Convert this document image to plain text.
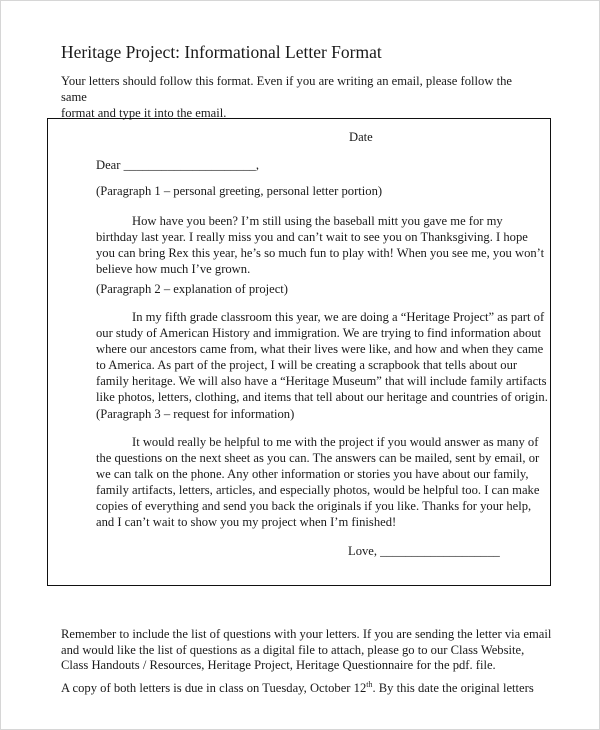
Heritage Project: Informational Letter Format
Your letters should follow this format. Even if you are writing an email, please follow the same
format and type it into the email.
Date
Dear _____________________,
(Paragraph 1 – personal greeting, personal letter portion)
How have you been? I’m still using the baseball mitt you gave me for my
birthday last year. I really miss you and can’t wait to see you on Thanksgiving. I hope
you can bring Rex this year, he’s so much fun to play with! When you see me, you won’t
believe how much I’ve grown.
(Paragraph 2 – explanation of project)
In my fifth grade classroom this year, we are doing a “Heritage Project” as part of
our study of American History and immigration. We are trying to find information about
where our ancestors came from, what their lives were like, and how and when they came
to America. As part of the project, I will be creating a scrapbook that tells about our
family heritage. We will also have a “Heritage Museum” that will include family artifacts
like photos, letters, clothing, and items that tell about our heritage and countries of origin.
(Paragraph 3 – request for information)
It would really be helpful to me with the project if you would answer as many of
the questions on the next sheet as you can. The answers can be mailed, sent by email, or
we can talk on the phone. Any other information or stories you have about our family,
family artifacts, letters, articles, and especially photos, would be helpful too. I can make
copies of everything and send you back the originals if you like. Thanks for your help,
and I can’t wait to show you my project when I’m finished!
Love, ___________________
Remember to include the list of questions with your letters. If you are sending the letter via email
and would like the list of questions as a digital file to attach, please go to our Class Website,
Class Handouts / Resources, Heritage Project, Heritage Questionnaire for the pdf. file.
A copy of both letters is due in class on Tuesday, October 12th. By this date the original letters
